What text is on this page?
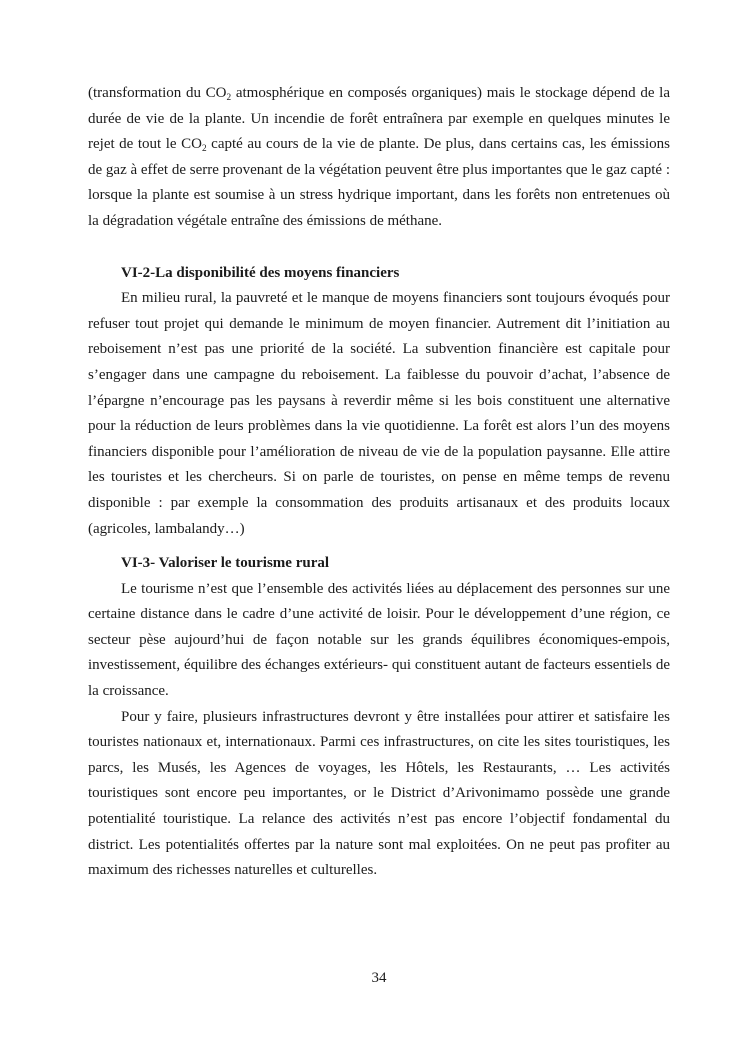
(transformation du $CO_2$ atmosphérique en composés organiques) mais le stockage dépend de la durée de vie de la plante. Un incendie de forêt entraînera par exemple en quelques minutes le rejet de tout le $CO_2$ capté au cours de la vie de plante. De plus, dans certains cas, les émissions de gaz à effet de serre provenant de la végétation peuvent être plus importantes que le gaz capté : lorsque la plante est soumise à un stress hydrique important, dans les forêts non entretenues où la dégradation végétale entraîne des émissions de méthane.

VI-2-La disponibilité des moyens financiers

En milieu rural, la pauvreté et le manque de moyens financiers sont toujours évoqués pour refuser tout projet qui demande le minimum de moyen financier. Autrement dit l’initiation au reboisement n’est pas une priorité de la société. La subvention financière est capitale pour s’engager dans une campagne du reboisement. La faiblesse du pouvoir d’achat, l’absence de l’épargne n’encourage pas les paysans à reverdir même si les bois constituent une alternative pour la réduction de leurs problèmes dans la vie quotidienne. La forêt est alors l’un des moyens financiers disponible pour l’amélioration de niveau de vie de la population paysanne. Elle attire les touristes et les chercheurs. Si on parle de touristes, on pense en même temps de revenu disponible : par exemple la consommation des produits artisanaux et des produits locaux (agricoles, lambalandy…)

VI-3- Valoriser le tourisme rural

Le tourisme n’est que l’ensemble des activités liées au déplacement des personnes sur une certaine distance dans le cadre d’une activité de loisir. Pour le développement d’une région, ce secteur pèse aujourd’hui de façon notable sur les grands équilibres économiques-empois, investissement, équilibre des échanges extérieurs- qui constituent autant de facteurs essentiels de la croissance.

Pour y faire, plusieurs infrastructures devront y être installées pour attirer et satisfaire les touristes nationaux et, internationaux. Parmi ces infrastructures, on cite les sites touristiques, les parcs, les Musés, les Agences de voyages, les Hôtels, les Restaurants, … Les activités touristiques sont encore peu importantes, or le District d’Arivonimamo possède une grande potentialité touristique. La relance des activités n’est pas encore l’objectif fondamental du district. Les potentialités offertes par la nature sont mal exploitées. On ne peut pas profiter au maximum des richesses naturelles et culturelles.

34
